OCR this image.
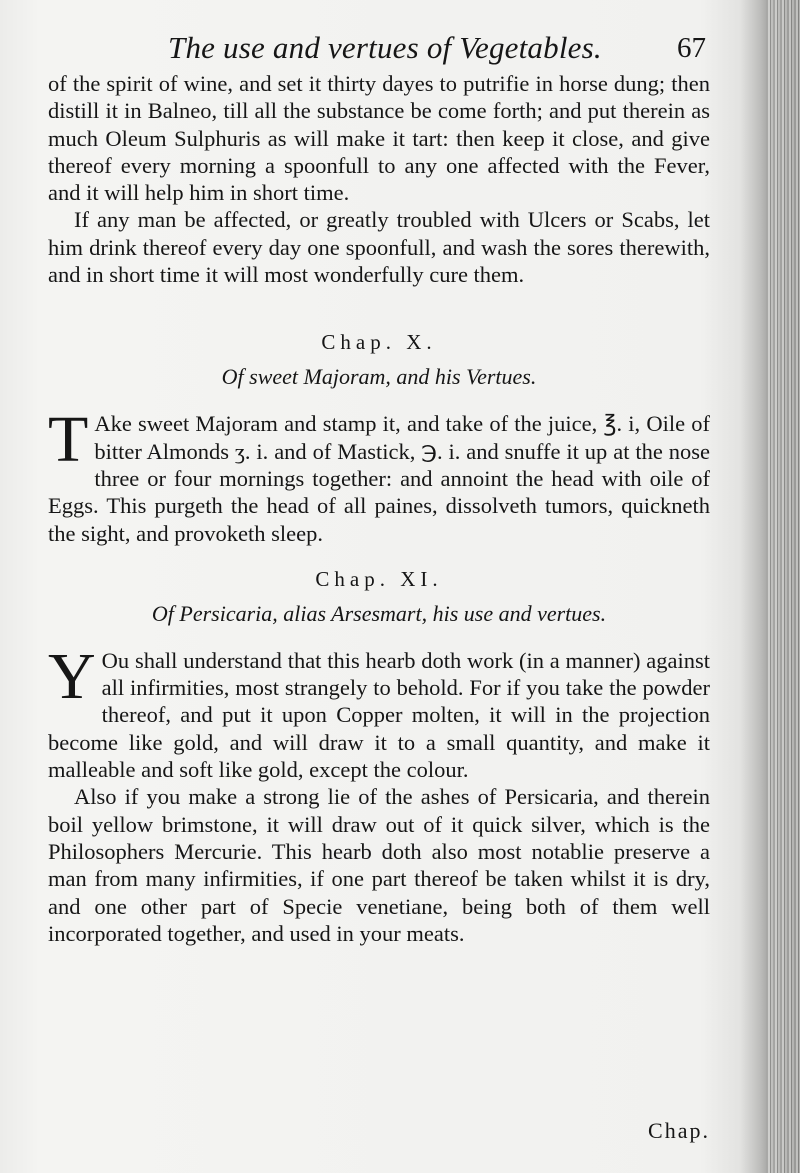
The use and vertues of Vegetables.	67

of the spirit of wine, and set it thirty dayes to putrifie in horse dung; then distill it in Balneo, till all the substance be come forth; and put therein as much Oleum Sulphuris as will make it tart: then keep it close, and give thereof every morning a spoonfull to any one affected with the Fever, and it will help him in short time.

If any man be affected, or greatly troubled with Ulcers or Scabs, let him drink thereof every day one spoonfull, and wash the sores therewith, and in short time it will most wonderfully cure them.

Chap. X.
Of sweet Majoram, and his Vertues.

T Ake sweet Majoram and stamp it, and take of the juice, ℥. i, Oile of bitter Almonds ʒ. i. and of Mastick, ℈. i. and snuffe it up at the nose three or four mornings together: and annoint the head with oile of Eggs. This purgeth the head of all paines, dissolveth tumors, quickneth the sight, and provoketh sleep.

Chap. XI.
Of Persicaria, alias Arsesmart, his use and vertues.

Y Ou shall understand that this hearb doth work (in a manner) against all infirmities, most strangely to behold. For if you take the powder thereof, and put it upon Copper molten, it will in the projection become like gold, and will draw it to a small quantity, and make it malleable and soft like gold, except the colour.

Also if you make a strong lie of the ashes of Persicaria, and therein boil yellow brimstone, it will draw out of it quick silver, which is the Philosophers Mercurie. This hearb doth also most notablie preserve a man from many infirmities, if one part thereof be taken whilst it is dry, and one other part of Specie venetiane, being both of them well incorporated together, and used in your meats.

Chap.
